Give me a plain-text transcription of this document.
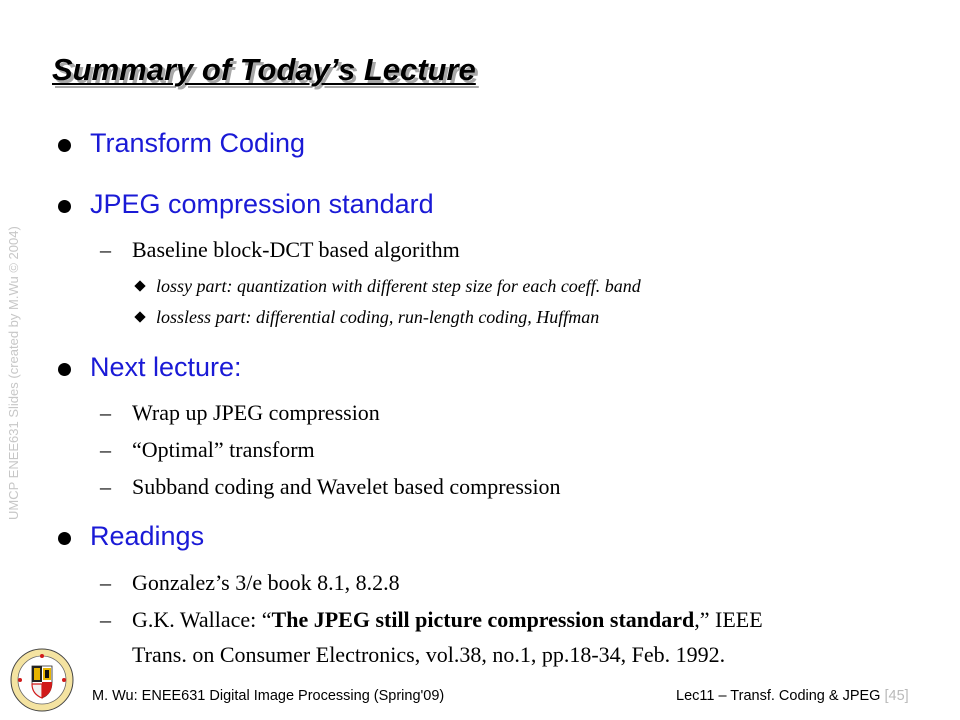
UMCP ENEE631 Slides (created by M.Wu © 2004)
Summary of Today’s Lecture
Transform Coding
JPEG compression standard
– Baseline block-DCT based algorithm
lossy part: quantization with different step size for each coeff. band
lossless part: differential coding, run-length coding, Huffman
Next lecture:
– Wrap up JPEG compression
– “Optimal” transform
– Subband coding and Wavelet based compression
Readings
– Gonzalez’s 3/e book 8.1, 8.2.8
– G.K. Wallace: “The JPEG still picture compression standard,” IEEE
Trans. on Consumer Electronics, vol.38, no.1, pp.18-34, Feb. 1992.
M. Wu: ENEE631 Digital Image Processing (Spring'09)	Lec11 – Transf. Coding & JPEG [45]
